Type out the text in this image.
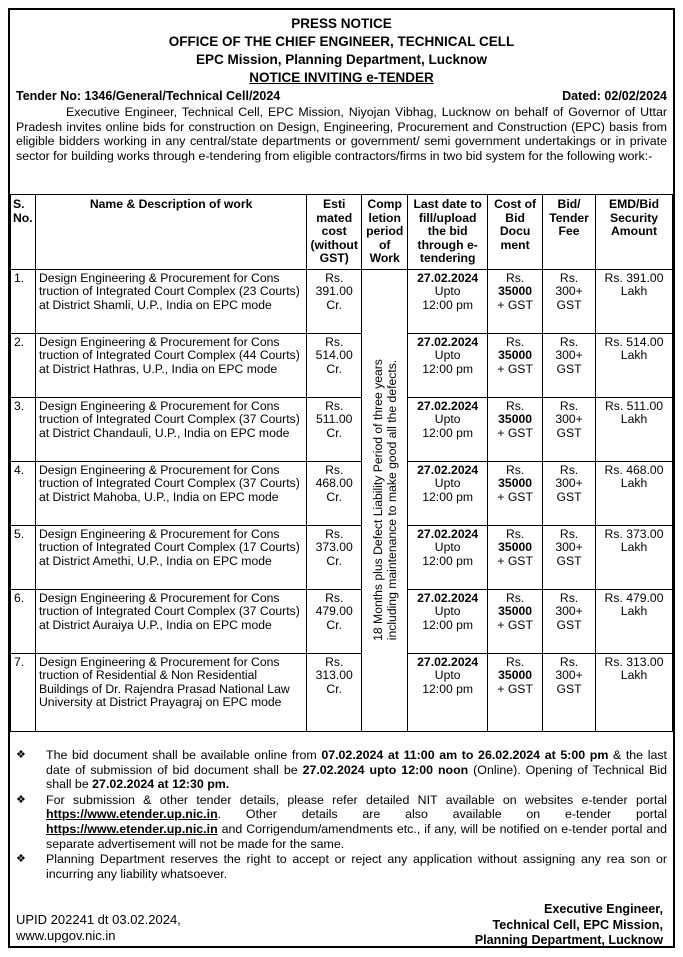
PRESS NOTICE
OFFICE OF THE CHIEF ENGINEER, TECHNICAL CELL
EPC Mission, Planning Department, Lucknow
NOTICE INVITING e-TENDER
Tender No: 1346/General/Technical Cell/2024	Dated: 02/02/2024
Executive Engineer, Technical Cell, EPC Mission, Niyojan Vibhag, Lucknow on behalf of Governor of Uttar Pradesh invites online bids for construction on Design, Engineering, Procurement and Construction (EPC) basis from eligible bidders working in any central/state departments or government/ semi government undertakings or in private sector for building works through e-tendering from eligible contractors/firms in two bid system for the following work:-
S. No.	Name & Description of work	Esti mated cost (without GST)	Comp letion period of Work	Last date to fill/upload the bid through e-tendering	Cost of Bid Docu ment	Bid/ Tender Fee	EMD/Bid Security Amount
1.	Design Engineering & Procurement for Cons truction of Integrated Court Complex (23 Courts) at District Shamli, U.P., India on EPC mode	Rs. 391.00 Cr.	18 Months plus Defect Liability Period of three years including maintenance to make good all the defects.	27.02.2024
Upto
12:00 pm	Rs.
35000
+ GST	Rs. 300+ GST	Rs. 391.00 Lakh
2.	Design Engineering & Procurement for Cons truction of Integrated Court Complex (44 Courts) at District Hathras, U.P., India on EPC mode	Rs. 514.00 Cr.		27.02.2024
Upto
12:00 pm	Rs.
35000
+ GST	Rs. 300+ GST	Rs. 514.00 Lakh
3.	Design Engineering & Procurement for Cons truction of Integrated Court Complex (37 Courts) at District Chandauli, U.P., India on EPC mode	Rs. 511.00 Cr.		27.02.2024
Upto
12:00 pm	Rs.
35000
+ GST	Rs. 300+ GST	Rs. 511.00 Lakh
4.	Design Engineering & Procurement for Cons truction of Integrated Court Complex (37 Courts) at District Mahoba, U.P., India on EPC mode	Rs. 468.00 Cr.		27.02.2024
Upto
12:00 pm	Rs.
35000
+ GST	Rs. 300+ GST	Rs. 468.00 Lakh
5.	Design Engineering & Procurement for Cons truction of Integrated Court Complex (17 Courts) at District Amethi, U.P., India on EPC mode	Rs. 373.00 Cr.		27.02.2024
Upto
12:00 pm	Rs.
35000
+ GST	Rs. 300+ GST	Rs. 373.00 Lakh
6.	Design Engineering & Procurement for Cons truction of Integrated Court Complex (37 Courts) at District Auraiya U.P., India on EPC mode	Rs. 479.00 Cr.		27.02.2024
Upto
12:00 pm	Rs.
35000
+ GST	Rs. 300+ GST	Rs. 479.00 Lakh
7.	Design Engineering & Procurement for Cons truction of Residential & Non Residential Buildings of Dr. Rajendra Prasad National Law University at District Prayagraj on EPC mode	Rs. 313.00 Cr.		27.02.2024
Upto
12:00 pm	Rs.
35000
+ GST	Rs. 300+ GST	Rs. 313.00 Lakh
❖	The bid document shall be available online from 07.02.2024 at 11:00 am to 26.02.2024 at 5:00 pm & the last date of submission of bid document shall be 27.02.2024 upto 12:00 noon (Online). Opening of Technical Bid shall be 27.02.2024 at 12:30 pm.
❖	For submission & other tender details, please refer detailed NIT available on websites e-tender portal https://www.etender.up.nic.in. Other details are also available on e-tender portal https://www.etender.up.nic.in and Corrigendum/amendments etc., if any, will be notified on e-tender portal and separate advertisement will not be made for the same.
❖	Planning Department reserves the right to accept or reject any application without assigning any rea son or incurring any liability whatsoever.
UPID 202241 dt 03.02.2024,
www.upgov.nic.in
Executive Engineer,
Technical Cell, EPC Mission,
Planning Department, Lucknow
